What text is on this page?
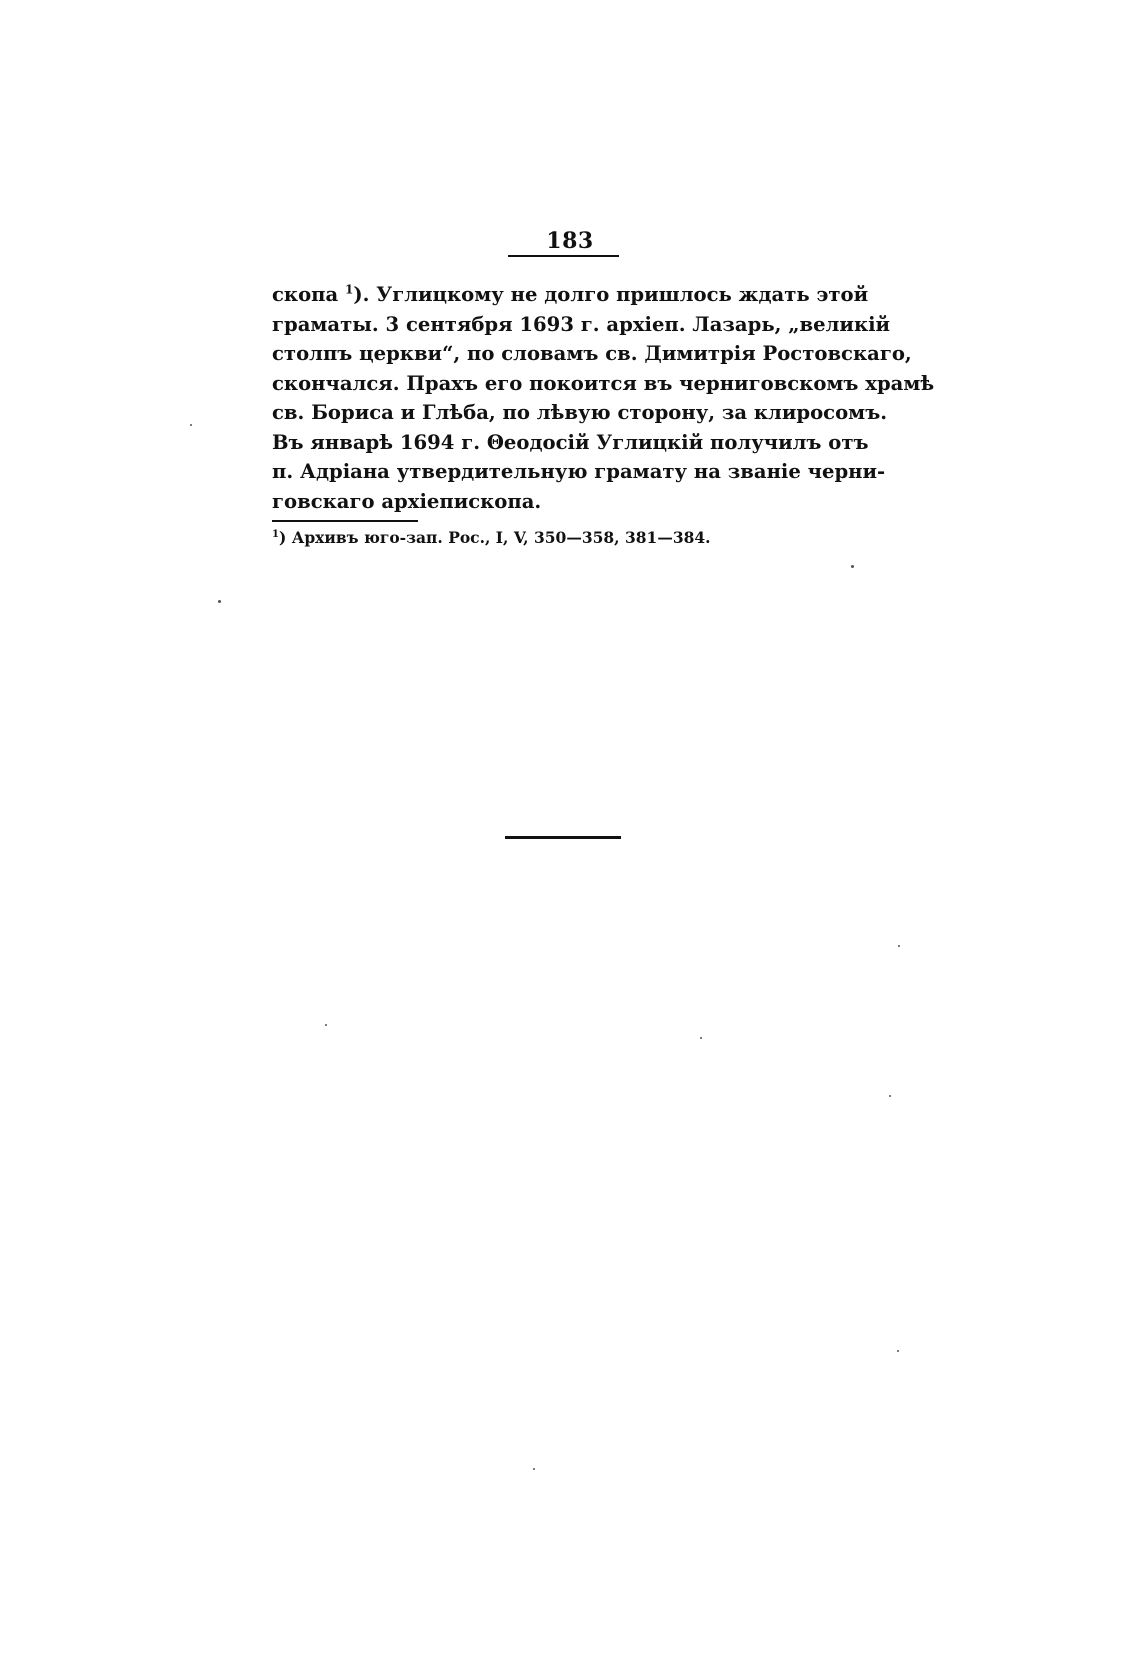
183
скопа $^1$). Углицкому не долго пришлось ждать этой
граматы. 3 сентября 1693 г. архіеп. Лазарь, „великій
столпъ церкви“, по словамъ св. Димитрія Ростовскаго,
скончался. Прахъ его покоится въ черниговскомъ храмѣ
св. Бориса и Глѣба, по лѣвую сторону, за клиросомъ.
Въ январѣ 1694 г. Θеодосій Углицкій получилъ отъ
п. Адріана утвердительную грамату на званіе черни-
говскаго архіепископа.
$^1$) Архивъ юго-зап. Рос., I, V, 350—358, 381—384.
